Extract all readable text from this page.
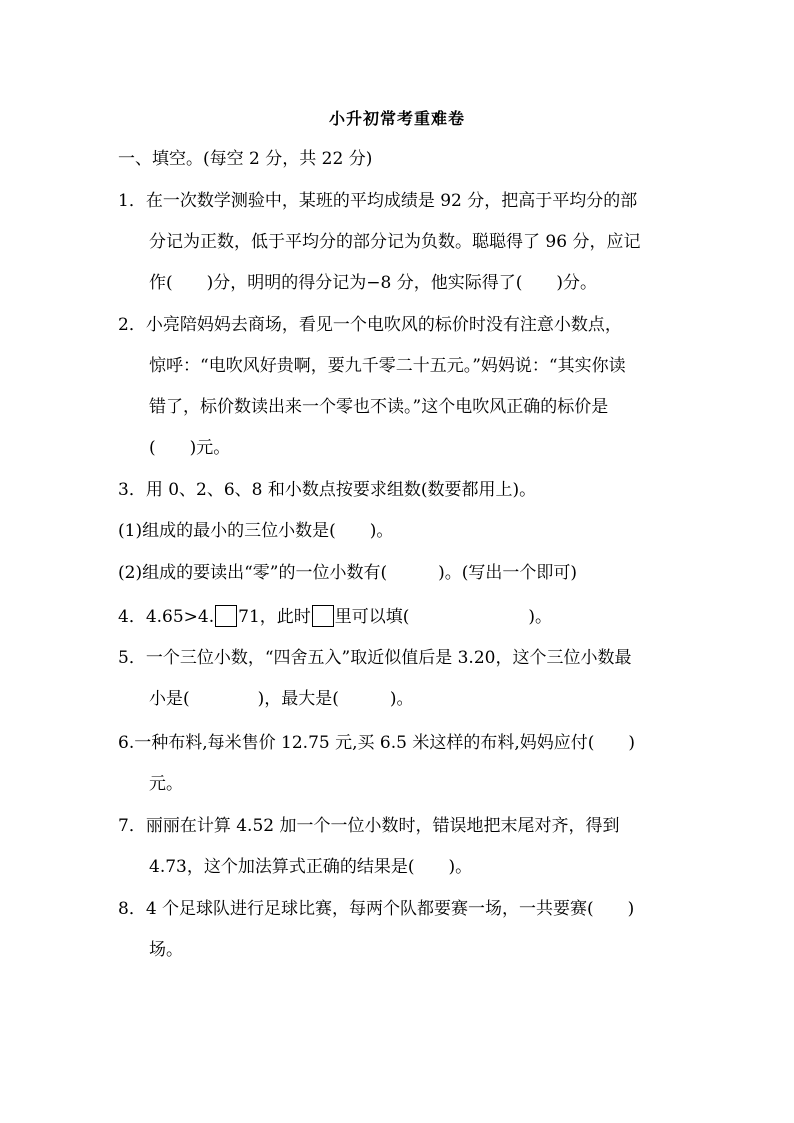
小升初常考重难卷
一、填空。(每空 2 分，共 22 分)
1．在一次数学测验中，某班的平均成绩是 92 分，把高于平均分的部
分记为正数，低于平均分的部分记为负数。聪聪得了 96 分，应记
作(　　)分，明明的得分记为−8 分，他实际得了(　　)分。
2．小亮陪妈妈去商场，看见一个电吹风的标价时没有注意小数点，
惊呼：“电吹风好贵啊，要九千零二十五元。”妈妈说：“其实你读
错了，标价数读出来一个零也不读。”这个电吹风正确的标价是
(　　)元。
3．用 0、2、6、8 和小数点按要求组数(数要都用上)。
(1)组成的最小的三位小数是(　　)。
(2)组成的要读出“零”的一位小数有(　　　)。(写出一个即可)
4．4.65>4. 71，此时 里可以填(　　　　　　　)。
5．一个三位小数，“四舍五入”取近似值后是 3.20，这个三位小数最
小是(　　　　)，最大是(　　　)。
6.一种布料,每米售价 12.75 元,买 6.5 米这样的布料,妈妈应付(　　)
元。
7．丽丽在计算 4.52 加一个一位小数时，错误地把末尾对齐，得到
4.73，这个加法算式正确的结果是(　　)。
8．4 个足球队进行足球比赛，每两个队都要赛一场，一共要赛(　　)
场。
